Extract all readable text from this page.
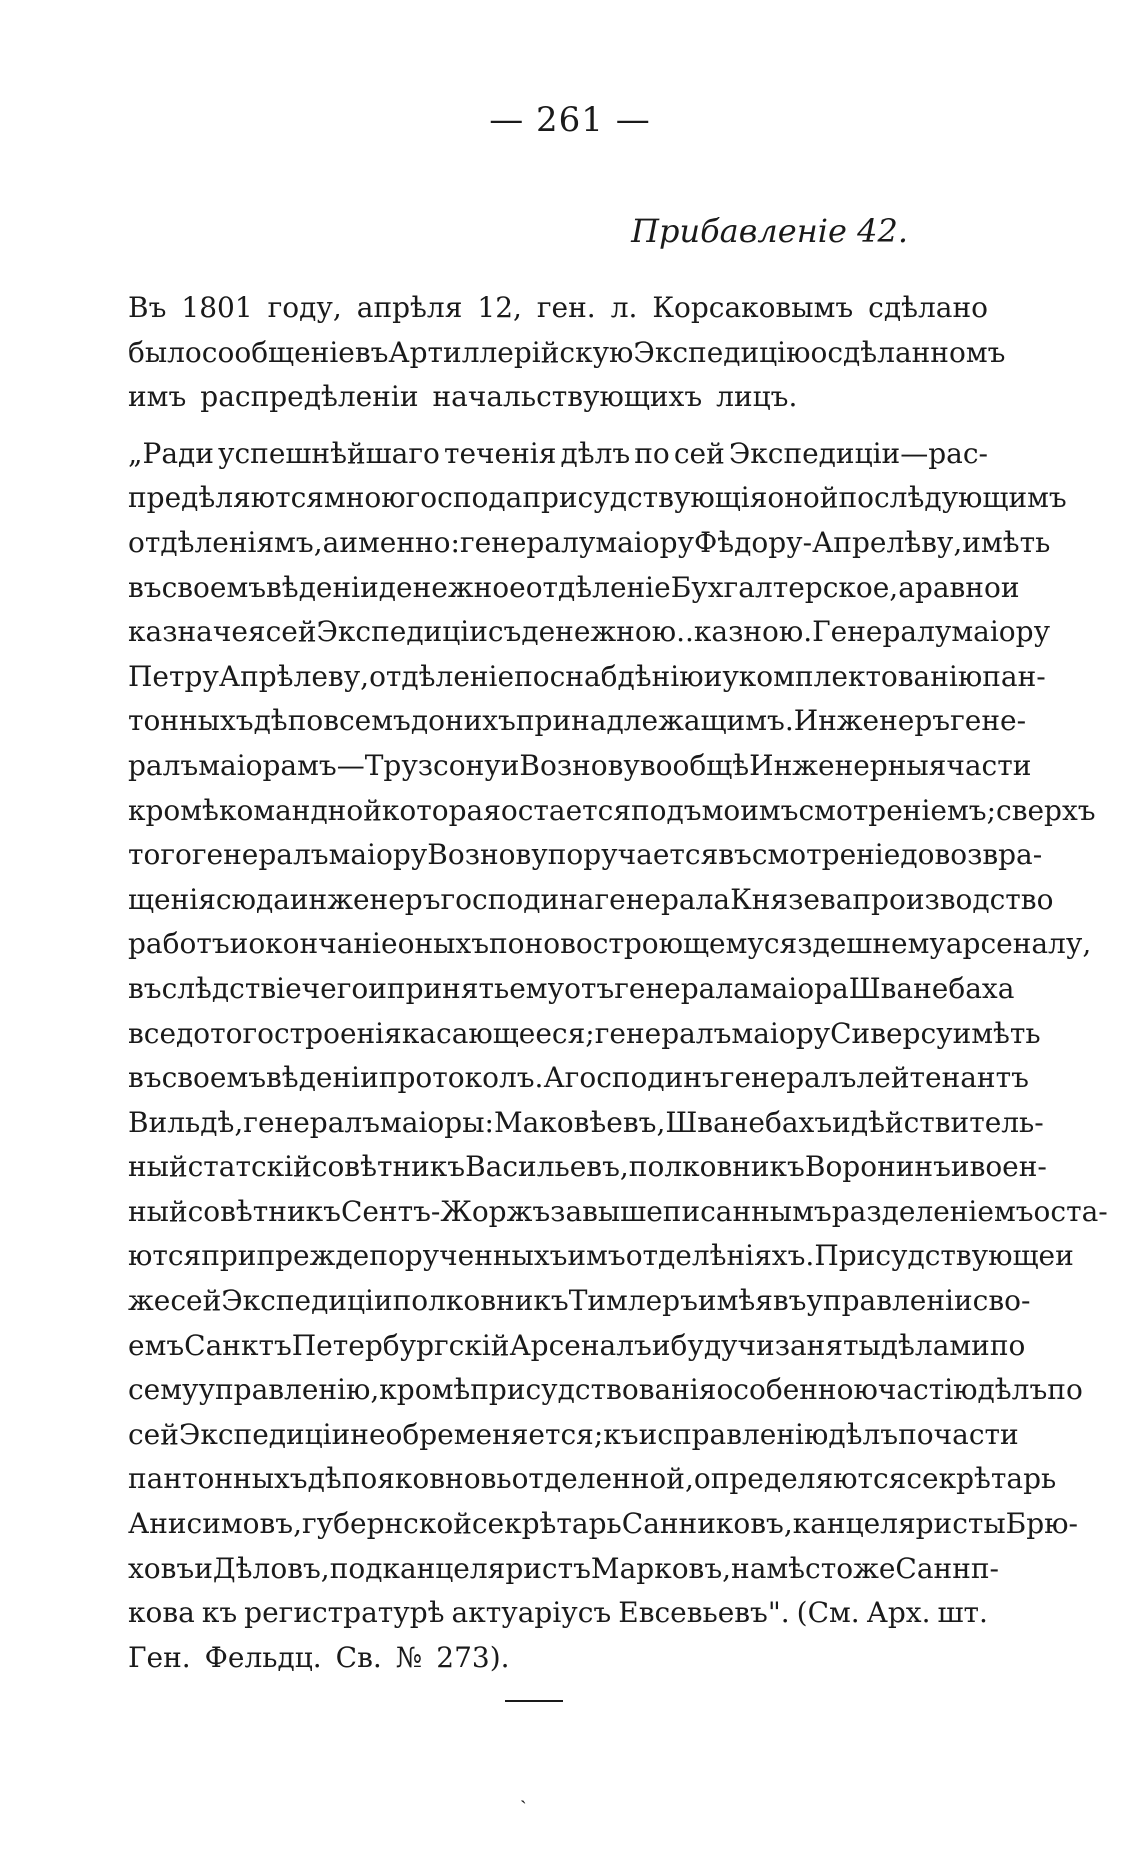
— 261 —
Прибавленiе 42.
Въ 1801 году, апрѣля 12, ген. л. Корсаковымъ сдѣлано
было сообщенiе въ Артиллерiйскую Экспедицiю о сдѣланномъ
имъ распредѣленiи начальствующихъ лицъ.
„Ради успешнѣйшаго теченiя дѣлъ по сей Экспедицiи—рас-
предѣляются мною господа присудствующiя оной по слѣдующимъ
отдѣленiямъ, а именно: генералу маiору Фѣдору-Апрелѣву, имѣть
въ своемъ вѣденiи денежное отдѣленiе Бухгалтерское, а равно и
казначея сей Экспедицiи съ денежною ..казною. Генералу маiору
Петру Апрѣлеву, отдѣленiе по снабдѣнiю и укомплектованiю пан-
тонныхъ дѣпо всемъ до нихъ принадлежащимъ. Инженеръ гене-
ралъ маiорамъ—Трузсону и Вознову вообщѣ Инженерныя части
кромѣ командной которая остается подъ моимъ смотренiемъ; сверхъ
того генералъ маiору Вознову поручается въ смотренiе до возвра-
щенiя сюда инженеръ господина генерала Князева производство
работъ и окончанiе оныхъ по ново строющемуся здешнему арсеналу,
въ слѣдствiе чего и принять ему отъ генерала маiора Шванебаха
все до того строенiя касающееся; генералъ маiору Сиверсу имѣть
въ своемъ вѣденiи протоколъ. А господинъ генералъ лейтенантъ
Вильдѣ, генералъ маiоры: Маковѣевъ, Шванебахъ и дѣйствитель-
ный статскiй совѣтникъ Васильевъ, полковникъ Воронинъ и воен-
ный совѣтникъ Сентъ-Жоржъ завышеписаннымъ разделенiемъ оста-
ются при прежде порученныхъ имъ отделѣнiяхъ. Присудствующеи
же сей Экспедицiи полковникъ Тимлеръ имѣя въ управленiи сво-
емъ Санктъ Петербургскiй Арсеналъ и будучи заняты дѣлами по
сему управленiю, кромѣ присудствованiя особенною частiю дѣлъ по
сей Экспедицiи не обременяется; къ исправленiю дѣлъ по части
пантонныхъ дѣпо яко вновь отделенной, определяются секрѣтарь
Анисимовъ, губернской секрѣтарь Санниковъ, канцеляристы Брю-
ховъ и Дѣловъ, подканцеляристъ Марковъ, на мѣсто же Саннп-
кова къ регистратурѣ актуарiусъ Евсевьевъ". (См. Арх. шт.
Ген. Фельдц. Св. № 273).
ˏ
